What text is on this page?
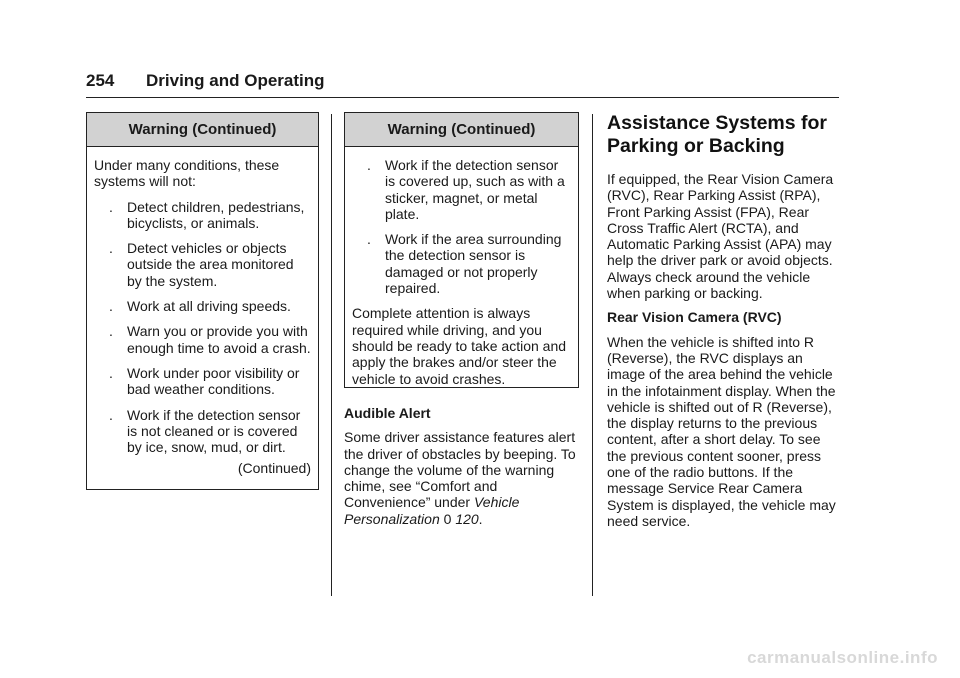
254 Driving and Operating
Warning (Continued)

Under many conditions, these systems will not:

. Detect children, pedestrians, bicyclists, or animals.
. Detect vehicles or objects outside the area monitored by the system.
. Work at all driving speeds.
. Warn you or provide you with enough time to avoid a crash.
. Work under poor visibility or bad weather conditions.
. Work if the detection sensor is not cleaned or is covered by ice, snow, mud, or dirt.
(Continued)
Warning (Continued)
. Work if the detection sensor is covered up, such as with a sticker, magnet, or metal plate.
. Work if the area surrounding the detection sensor is damaged or not properly repaired.

Complete attention is always required while driving, and you should be ready to take action and apply the brakes and/or steer the vehicle to avoid crashes.

Audible Alert

Some driver assistance features alert the driver of obstacles by beeping. To change the volume of the warning chime, see “Comfort and Convenience” under Vehicle Personalization 0 120.

Assistance Systems for Parking or Backing

If equipped, the Rear Vision Camera (RVC), Rear Parking Assist (RPA), Front Parking Assist (FPA), Rear Cross Traffic Alert (RCTA), and Automatic Parking Assist (APA) may help the driver park or avoid objects. Always check around the vehicle when parking or backing.

Rear Vision Camera (RVC)

When the vehicle is shifted into R (Reverse), the RVC displays an image of the area behind the vehicle in the infotainment display. When the vehicle is shifted out of R (Reverse), the display returns to the previous content, after a short delay. To see the previous content sooner, press one of the radio buttons. If the message Service Rear Camera System is displayed, the vehicle may need service.

carmanualsonline.info
